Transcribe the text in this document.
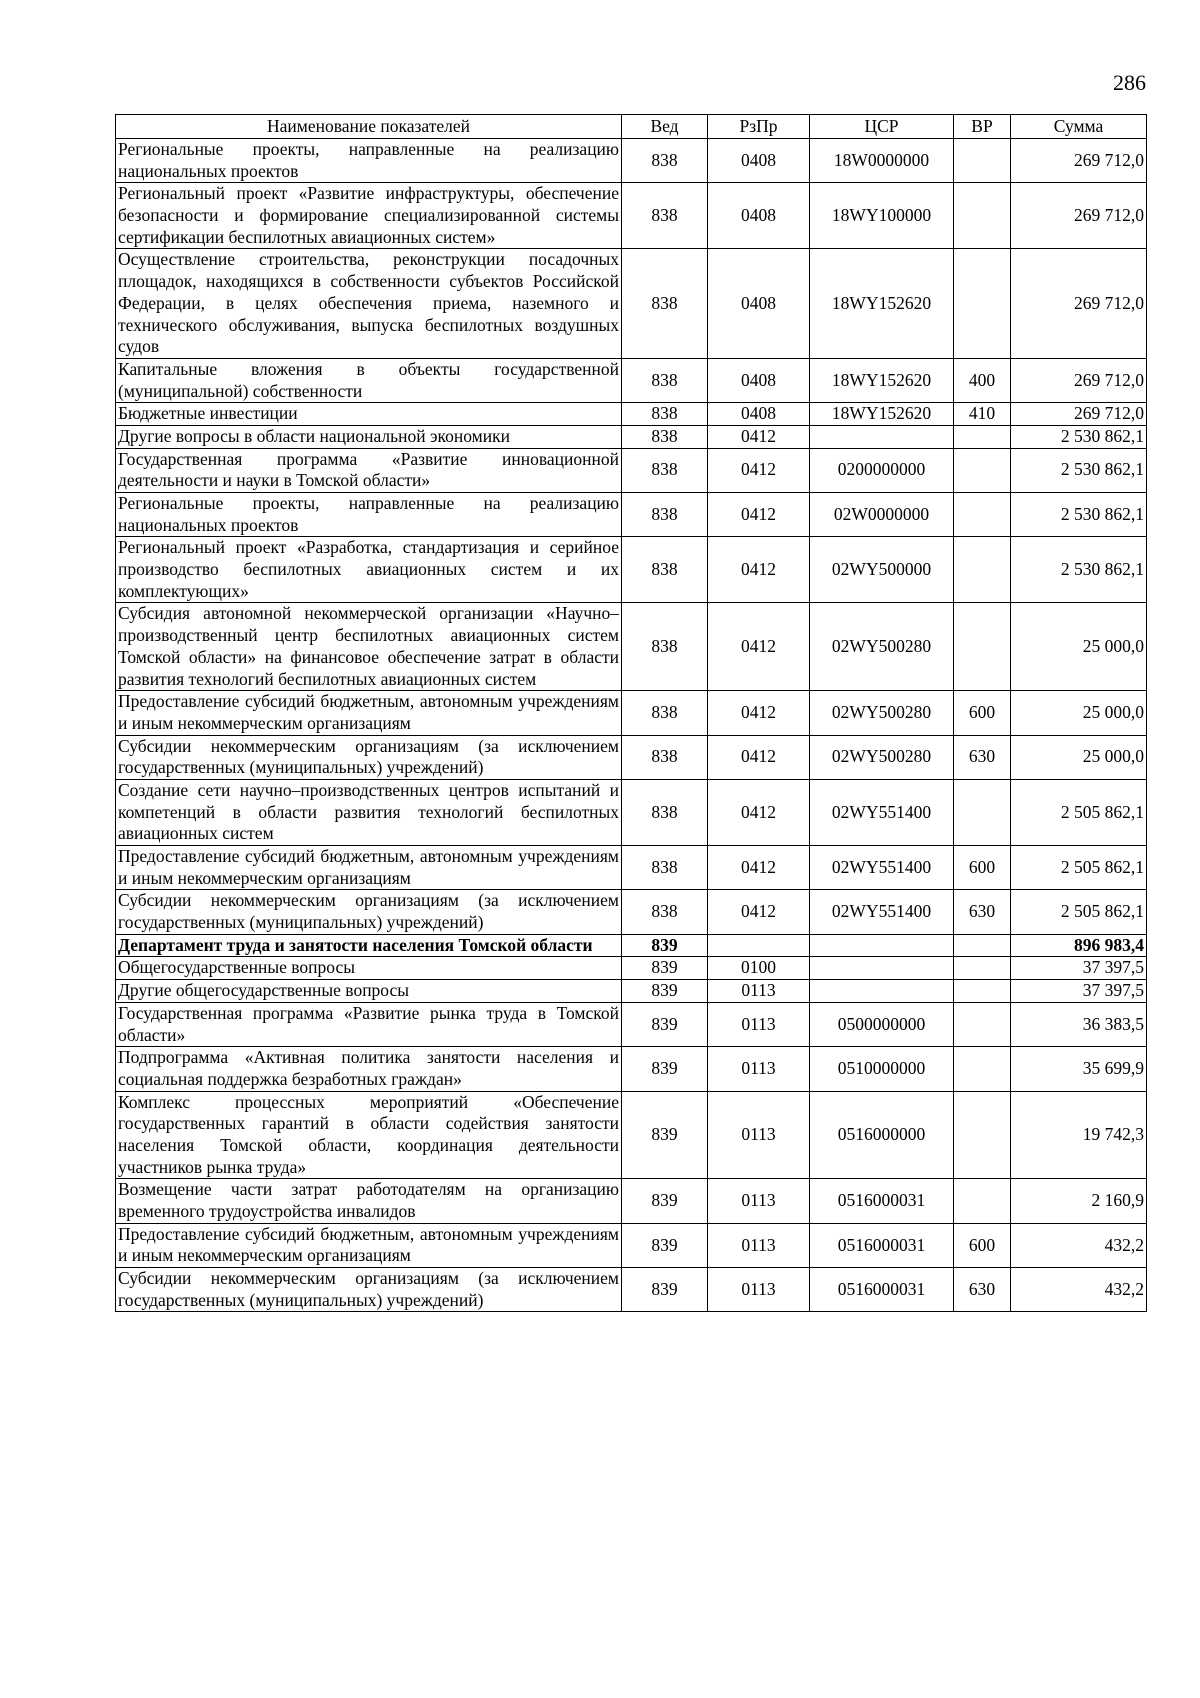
286
Наименование показателей	Вед	РзПр	ЦСР	ВР	Сумма
Региональные проекты, направленные на реализацию национальных проектов	838	0408	18W0000000		269 712,0
Региональный проект «Развитие инфраструктуры, обеспечение безопасности и формирование специализированной системы сертификации беспилотных авиационных систем»	838	0408	18WY100000		269 712,0
Осуществление строительства, реконструкции посадочных площадок, находящихся в собственности субъектов Российской Федерации, в целях обеспечения приема, наземного и технического обслуживания, выпуска беспилотных воздушных судов	838	0408	18WY152620		269 712,0
Капитальные вложения в объекты государственной (муниципальной) собственности	838	0408	18WY152620	400	269 712,0
Бюджетные инвестиции	838	0408	18WY152620	410	269 712,0
Другие вопросы в области национальной экономики	838	0412			2 530 862,1
Государственная программа «Развитие инновационной деятельности и науки в Томской области»	838	0412	0200000000		2 530 862,1
Региональные проекты, направленные на реализацию национальных проектов	838	0412	02W0000000		2 530 862,1
Региональный проект «Разработка, стандартизация и серийное производство беспилотных авиационных систем и их комплектующих»	838	0412	02WY500000		2 530 862,1
Субсидия автономной некоммерческой организации «Научно–производственный центр беспилотных авиационных систем Томской области» на финансовое обеспечение затрат в области развития технологий беспилотных авиационных систем	838	0412	02WY500280		25 000,0
Предоставление субсидий бюджетным, автономным учреждениям и иным некоммерческим организациям	838	0412	02WY500280	600	25 000,0
Субсидии некоммерческим организациям (за исключением государственных (муниципальных) учреждений)	838	0412	02WY500280	630	25 000,0
Создание сети научно–производственных центров испытаний и компетенций в области развития технологий беспилотных авиационных систем	838	0412	02WY551400		2 505 862,1
Предоставление субсидий бюджетным, автономным учреждениям и иным некоммерческим организациям	838	0412	02WY551400	600	2 505 862,1
Субсидии некоммерческим организациям (за исключением государственных (муниципальных) учреждений)	838	0412	02WY551400	630	2 505 862,1
Департамент труда и занятости населения Томской области	839				896 983,4
Общегосударственные вопросы	839	0100			37 397,5
Другие общегосударственные вопросы	839	0113			37 397,5
Государственная программа «Развитие рынка труда в Томской области»	839	0113	0500000000		36 383,5
Подпрограмма «Активная политика занятости населения и социальная поддержка безработных граждан»	839	0113	0510000000		35 699,9
Комплекс процессных мероприятий «Обеспечение государственных гарантий в области содействия занятости населения Томской области, координация деятельности участников рынка труда»	839	0113	0516000000		19 742,3
Возмещение части затрат работодателям на организацию временного трудоустройства инвалидов	839	0113	0516000031		2 160,9
Предоставление субсидий бюджетным, автономным учреждениям и иным некоммерческим организациям	839	0113	0516000031	600	432,2
Субсидии некоммерческим организациям (за исключением государственных (муниципальных) учреждений)	839	0113	0516000031	630	432,2
